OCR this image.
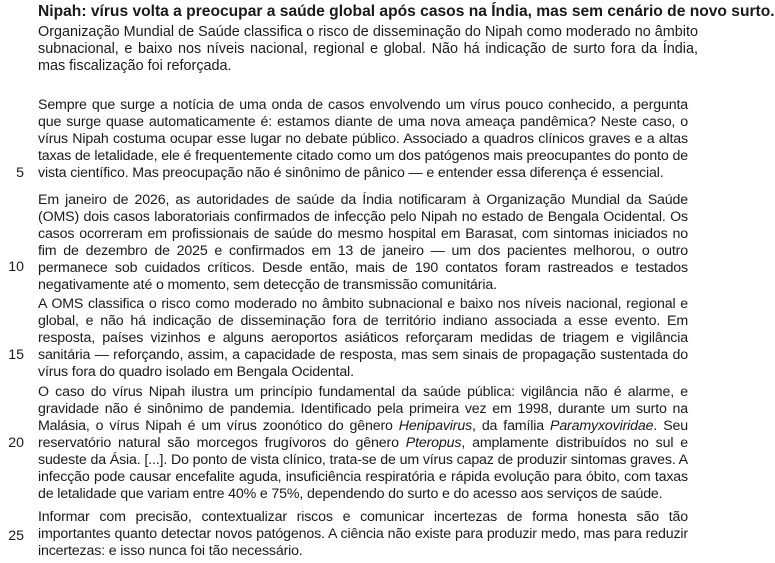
Nipah: vírus volta a preocupar a saúde global após casos na Índia, mas sem cenário de novo surto.
Organização Mundial de Saúde classifica o risco de disseminação do Nipah como moderado no âmbito subnacional, e baixo nos níveis nacional, regional e global. Não há indicação de surto fora da Índia, mas fiscalização foi reforçada.
Sempre que surge a notícia de uma onda de casos envolvendo um vírus pouco conhecido, a pergunta que surge quase automaticamente é: estamos diante de uma nova ameaça pandêmica? Neste caso, o vírus Nipah costuma ocupar esse lugar no debate público. Associado a quadros clínicos graves e a altas taxas de letalidade, ele é frequentemente citado como um dos patógenos mais preocupantes do ponto de vista científico. Mas preocupação não é sinônimo de pânico — e entender essa diferença é essencial.
Em janeiro de 2026, as autoridades de saúde da Índia notificaram à Organização Mundial da Saúde (OMS) dois casos laboratoriais confirmados de infecção pelo Nipah no estado de Bengala Ocidental. Os casos ocorreram em profissionais de saúde do mesmo hospital em Barasat, com sintomas iniciados no fim de dezembro de 2025 e confirmados em 13 de janeiro — um dos pacientes melhorou, o outro permanece sob cuidados críticos. Desde então, mais de 190 contatos foram rastreados e testados negativamente até o momento, sem detecção de transmissão comunitária.
A OMS classifica o risco como moderado no âmbito subnacional e baixo nos níveis nacional, regional e global, e não há indicação de disseminação fora de território indiano associada a esse evento. Em resposta, países vizinhos e alguns aeroportos asiáticos reforçaram medidas de triagem e vigilância sanitária — reforçando, assim, a capacidade de resposta, mas sem sinais de propagação sustentada do vírus fora do quadro isolado em Bengala Ocidental.
O caso do vírus Nipah ilustra um princípio fundamental da saúde pública: vigilância não é alarme, e gravidade não é sinônimo de pandemia. Identificado pela primeira vez em 1998, durante um surto na Malásia, o vírus Nipah é um vírus zoonótico do gênero Henipavirus, da família Paramyxoviridae. Seu reservatório natural são morcegos frugívoros do gênero Pteropus, amplamente distribuídos no sul e sudeste da Ásia. [...]. Do ponto de vista clínico, trata-se de um vírus capaz de produzir sintomas graves. A infecção pode causar encefalite aguda, insuficiência respiratória e rápida evolução para óbito, com taxas de letalidade que variam entre 40% e 75%, dependendo do surto e do acesso aos serviços de saúde.
Informar com precisão, contextualizar riscos e comunicar incertezas de forma honesta são tão importantes quanto detectar novos patógenos. A ciência não existe para produzir medo, mas para reduzir incertezas: e isso nunca foi tão necessário.
5
10
15
20
25
